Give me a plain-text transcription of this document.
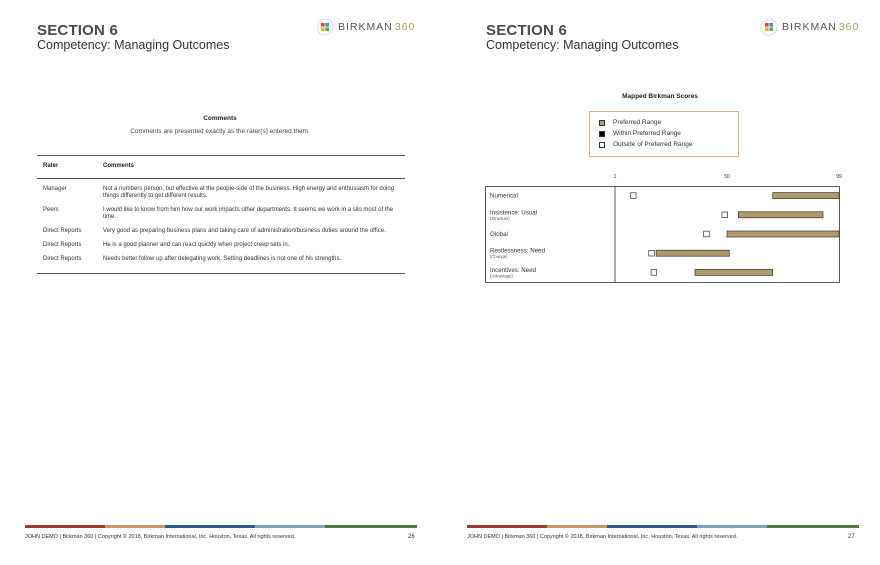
SECTION 6
Competency: Managing Outcomes
BIRKMAN 360
Comments
Comments are presented exactly as the rater(s) entered them.
Rater	Comments
Manager	Not a numbers person, but effective at the people-side of the business. High energy and enthusiasm for doing things differently to get different results.
Peers	I would like to know from him how our work impacts other departments. It seems we work in a silo most of the time.
Direct Reports	Very good as preparing business plans and taking care of administration/business duties around the office.
Direct Reports	He is a good planner and can react quickly when project creep sets in.
Direct Reports	Needs better follow up after delegating work. Setting deadlines is not one of his strengths.
JOHN DEMO | Birkman 360 | Copyright © 2018, Birkman International, Inc. Houston, Texas. All rights reserved.	26
SECTION 6
Competency: Managing Outcomes
BIRKMAN 360
Mapped Birkman Scores
Preferred Range
Within Preferred Range
Outside of Preferred Range
1	50	99
Numerical
Insistence: Usual
(Structure)
Global
Restlessness: Need
(Change)
Incentives: Need
(Advantage)
JOHN DEMO | Birkman 360 | Copyright © 2018, Birkman International, Inc. Houston, Texas. All rights reserved.	27
